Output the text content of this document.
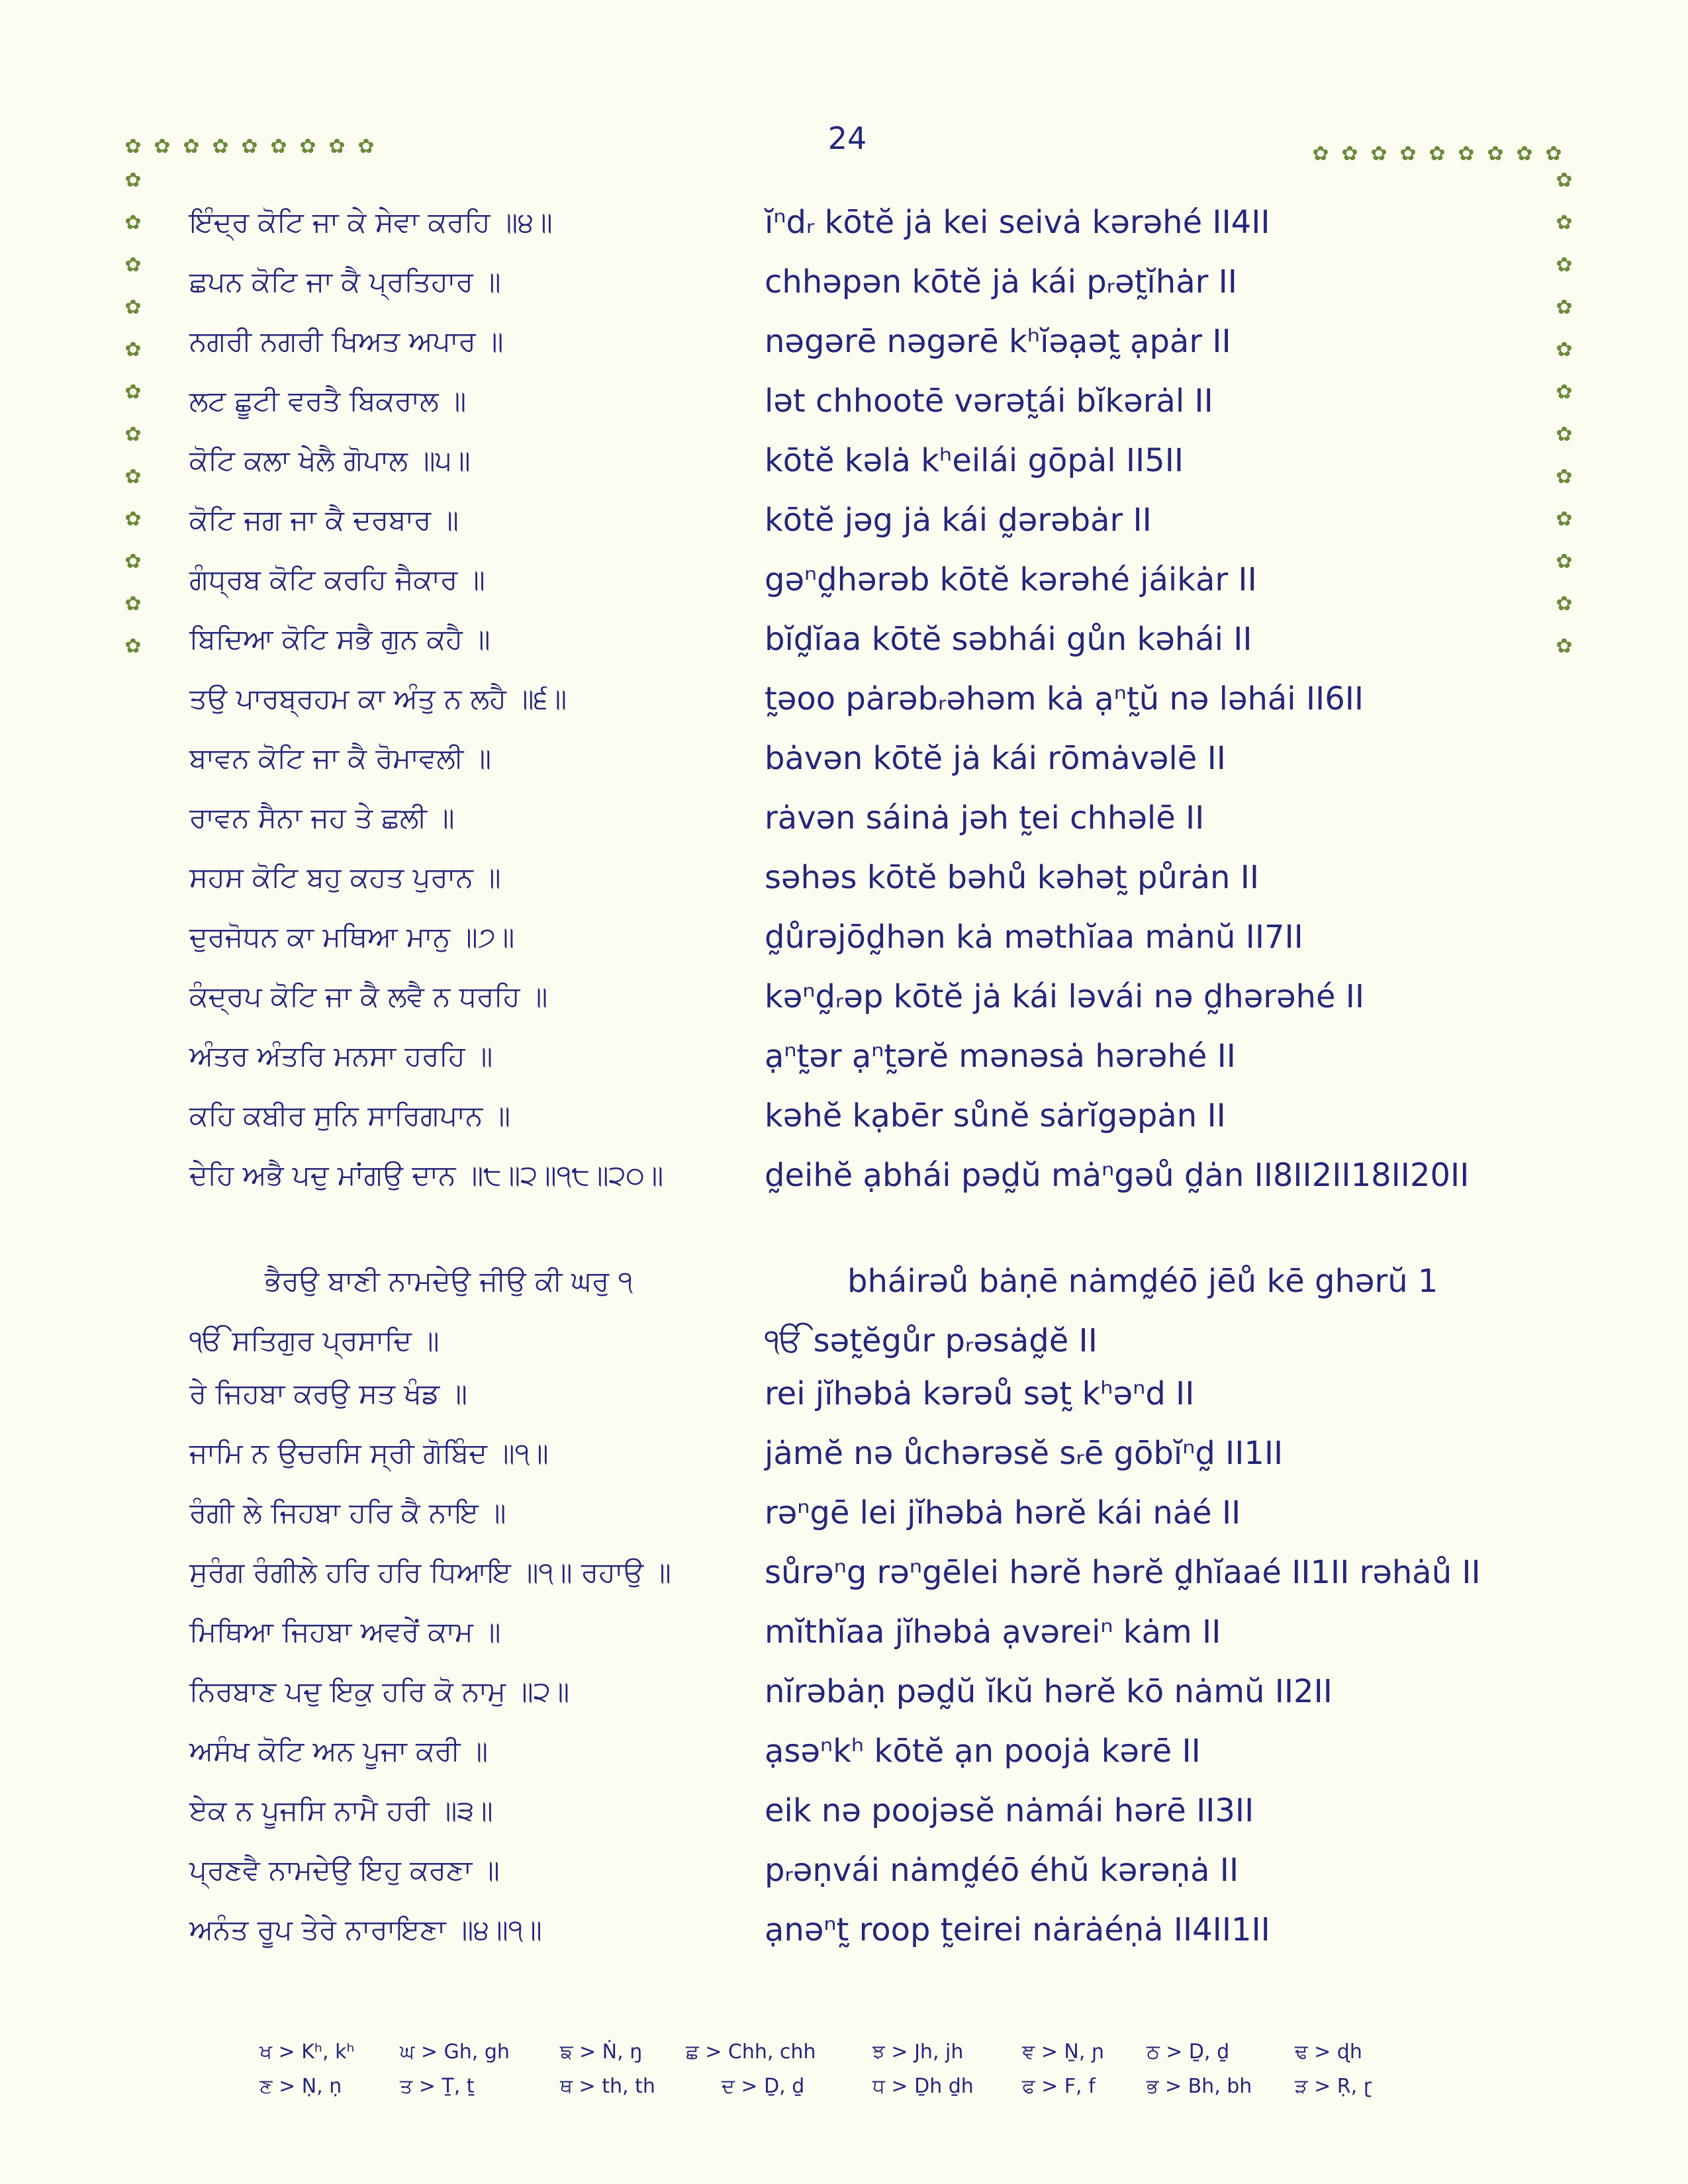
24
✿
✿
✿
✿
✿
✿
✿
✿
✿
✿
✿
✿
✿
✿
✿
✿
✿
✿
✿
✿
✿
✿
✿
✿
✿
✿
✿
✿
✿
✿
✿
✿
✿
✿
✿
✿
✿
✿
✿
✿
✿
✿
ਇੰਦ੍ਰ ਕੋਟਿ ਜਾ ਕੇ ਸੇਵਾ ਕਰਹਿ ॥੪॥	ĭⁿdᵣ kōtĕ jȧ kei seivȧ kərəhé II4II
ਛਪਨ ਕੋਟਿ ਜਾ ਕੈ ਪ੍ਰਤਿਹਾਰ ॥	chhəpən kōtĕ jȧ kái pᵣət̰ĭhȧr II
ਨਗਰੀ ਨਗਰੀ ਖਿਅਤ ਅਪਾਰ ॥	nəgərē nəgərē kʰĭəạət̰ ạpȧr II
ਲਟ ਛੂਟੀ ਵਰਤੈ ਬਿਕਰਾਲ ॥	lət chhootē vərət̰ái bĭkərȧl II
ਕੋਟਿ ਕਲਾ ਖੇਲੈ ਗੋਪਾਲ ॥੫॥	kōtĕ kəlȧ kʰeilái gōpȧl II5II
ਕੋਟਿ ਜਗ ਜਾ ਕੈ ਦਰਬਾਰ ॥	kōtĕ jəg jȧ kái d̰ərəbȧr II
ਗੰਧ੍ਰਬ ਕੋਟਿ ਕਰਹਿ ਜੈਕਾਰ ॥	gəⁿd̰hərəb kōtĕ kərəhé jáikȧr II
ਬਿਦਿਆ ਕੋਟਿ ਸਭੈ ਗੁਨ ਕਹੈ ॥	bĭd̰ĭaa kōtĕ səbhái gůn kəhái II
ਤਉ ਪਾਰਬ੍ਰਹਮ ਕਾ ਅੰਤੁ ਨ ਲਹੈ ॥੬॥	t̰əoo pȧrəbᵣəhəm kȧ ạⁿt̰ŭ nə ləhái II6II
ਬਾਵਨ ਕੋਟਿ ਜਾ ਕੈ ਰੋਮਾਵਲੀ ॥	bȧvən kōtĕ jȧ kái rōmȧvəlē II
ਰਾਵਨ ਸੈਨਾ ਜਹ ਤੇ ਛਲੀ ॥	rȧvən sáinȧ jəh t̰ei chhəlē II
ਸਹਸ ਕੋਟਿ ਬਹੁ ਕਹਤ ਪੁਰਾਨ ॥	səhəs kōtĕ bəhů kəhət̰ půrȧn II
ਦੁਰਜੋਧਨ ਕਾ ਮਥਿਆ ਮਾਨੁ ॥੭॥	d̰ůrəjōd̰hən kȧ məthĭaa mȧnŭ II7II
ਕੰਦ੍ਰਪ ਕੋਟਿ ਜਾ ਕੈ ਲਵੈ ਨ ਧਰਹਿ ॥	kəⁿd̰ᵣəp kōtĕ jȧ kái ləvái nə d̰hərəhé II
ਅੰਤਰ ਅੰਤਰਿ ਮਨਸਾ ਹਰਹਿ ॥	ạⁿt̰ər ạⁿt̰ərĕ mənəsȧ hərəhé II
ਕਹਿ ਕਬੀਰ ਸੁਨਿ ਸਾਰਿਗਪਾਨ ॥	kəhĕ kạbēr sůnĕ sȧrĭgəpȧn II
ਦੇਹਿ ਅਭੈ ਪਦੁ ਮਾਂਗਉ ਦਾਨ ॥੮॥੨॥੧੮॥੨੦॥	d̰eihĕ ạbhái pəd̰ŭ mȧⁿgəů d̰ȧn II8II2II18II20II
ਭੈਰਉ ਬਾਣੀ ਨਾਮਦੇਉ ਜੀਉ ਕੀ ਘਰੁ ੧	bháirəů bȧṇē nȧmd̰éō jēů kē ghərŭ 1
ੴ ਸਤਿਗੁਰ ਪ੍ਰਸਾਦਿ ॥	ੴ sət̰ĕgůr pᵣəsȧd̰ĕ II
ਰੇ ਜਿਹਬਾ ਕਰਉ ਸਤ ਖੰਡ ॥	rei jĭhəbȧ kərəů sət̰ kʰəⁿd II
ਜਾਮਿ ਨ ਉਚਰਸਿ ਸ੍ਰੀ ਗੋਬਿੰਦ ॥੧॥	jȧmĕ nə ůchərəsĕ sᵣē gōbĭⁿd̰ II1II
ਰੰਗੀ ਲੇ ਜਿਹਬਾ ਹਰਿ ਕੈ ਨਾਇ ॥	rəⁿgē lei jĭhəbȧ hərĕ kái nȧé II
ਸੁਰੰਗ ਰੰਗੀਲੇ ਹਰਿ ਹਰਿ ਧਿਆਇ ॥੧॥ ਰਹਾਉ ॥	sůrəⁿg rəⁿgēlei hərĕ hərĕ d̰hĭaaé II1II rəhȧů II
ਮਿਥਿਆ ਜਿਹਬਾ ਅਵਰੇਂ ਕਾਮ ॥	mĭthĭaa jĭhəbȧ ạvəreiⁿ kȧm II
ਨਿਰਬਾਣ ਪਦੁ ਇਕੁ ਹਰਿ ਕੋ ਨਾਮੁ ॥੨॥	nĭrəbȧṇ pəd̰ŭ ĭkŭ hərĕ kō nȧmŭ II2II
ਅਸੰਖ ਕੋਟਿ ਅਨ ਪੂਜਾ ਕਰੀ ॥	ạsəⁿkʰ kōtĕ ạn poojȧ kərē II
ਏਕ ਨ ਪੂਜਸਿ ਨਾਮੈ ਹਰੀ ॥੩॥	eik nə poojəsĕ nȧmái hərē II3II
ਪ੍ਰਣਵੈ ਨਾਮਦੇਉ ਇਹੁ ਕਰਣਾ ॥	pᵣəṇvái nȧmd̰éō éhŭ kərəṇȧ II
ਅਨੰਤ ਰੂਪ ਤੇਰੇ ਨਾਰਾਇਣਾ ॥੪॥੧॥	ạnəⁿt̰ roop t̰eirei nȧrȧéṇȧ II4II1II
ਖ > Kʰ, kʰ ਘ > Gh, gh	ਙ > Ṅ, ŋ ਛ > Chh, chh	ਝ > Jh, jh	ਞ > Ṉ, ɲ ਠ > Ḏ, ḏ	ਢ > ɖh
ਣ > Ṇ, ṇ	ਤ > Ṯ, ṯ	ਥ > th, th	ਦ > Ḏ, ḏ	ਧ > Ḏh ḏh ਫ > F, f	ਭ > Bh, bh ੜ > Ṛ, ɽ
